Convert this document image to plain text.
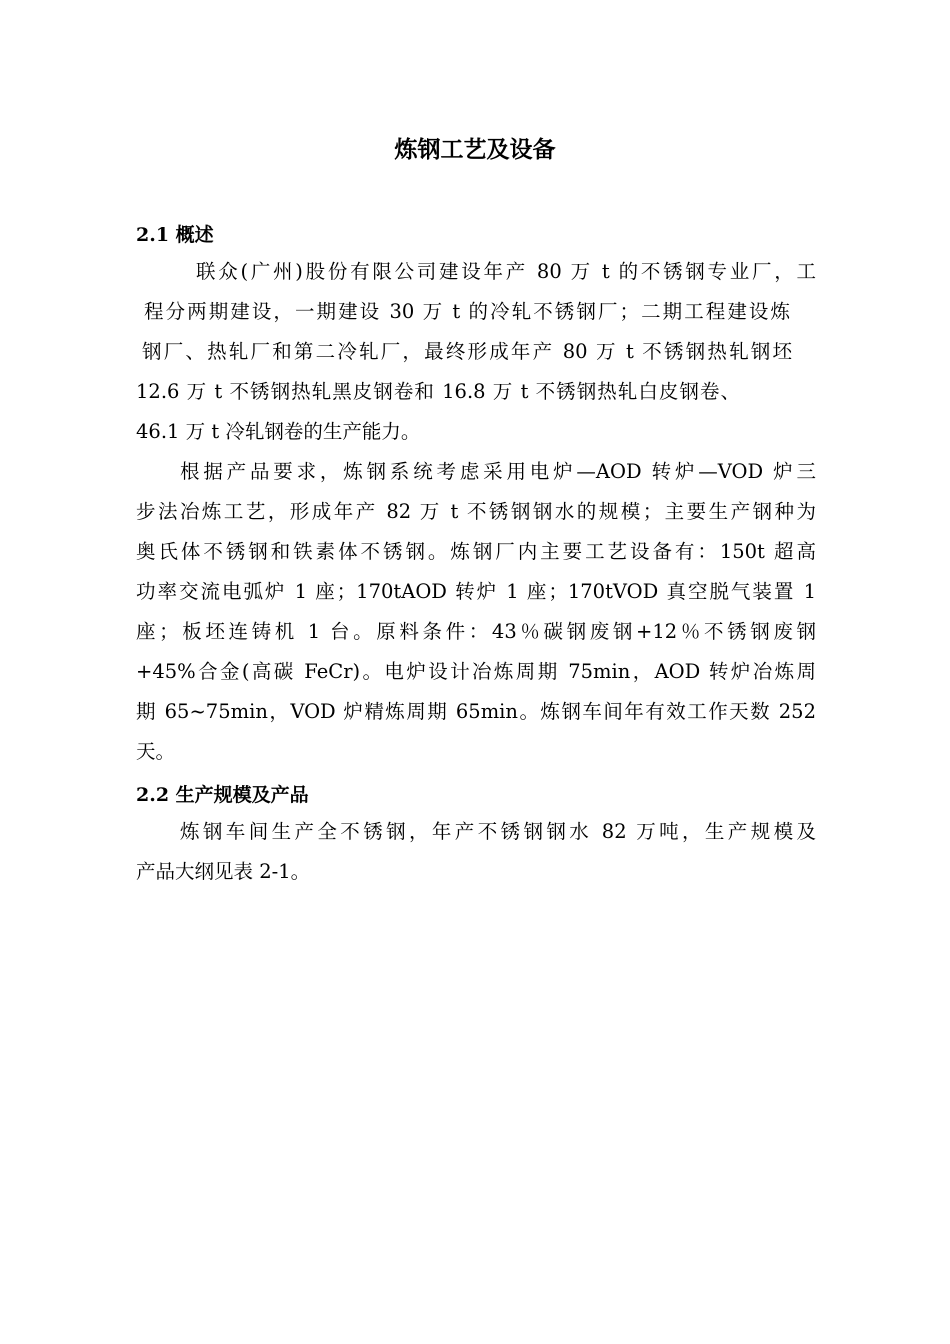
炼钢工艺及设备
2.1 概述
联众(广州)股份有限公司建设年产 80 万 t 的不锈钢专业厂，工
程分两期建设，一期建设 30 万 t 的冷轧不锈钢厂；二期工程建设炼
钢厂、热轧厂和第二冷轧厂，最终形成年产 80 万 t 不锈钢热轧钢坯
12.6 万 t 不锈钢热轧黑皮钢卷和 16.8 万 t 不锈钢热轧白皮钢卷、
46.1 万 t 冷轧钢卷的生产能力。
根据产品要求，炼钢系统考虑采用电炉—AOD 转炉—VOD 炉三
步法冶炼工艺，形成年产 82 万 t 不锈钢钢水的规模；主要生产钢种为
奥氏体不锈钢和铁素体不锈钢。炼钢厂内主要工艺设备有：150t 超高
功率交流电弧炉 1 座；170tAOD 转炉 1 座；170tVOD 真空脱气装置 1
座；板坯连铸机 1 台。原料条件：43％碳钢废钢+12％不锈钢废钢
+45%合金(高碳 FeCr)。电炉设计冶炼周期 75min，AOD 转炉冶炼周
期 65~75min，VOD 炉精炼周期 65min。炼钢车间年有效工作天数 252
天。
2.2 生产规模及产品
炼钢车间生产全不锈钢，年产不锈钢钢水 82 万吨，生产规模及
产品大纲见表 2-1。
